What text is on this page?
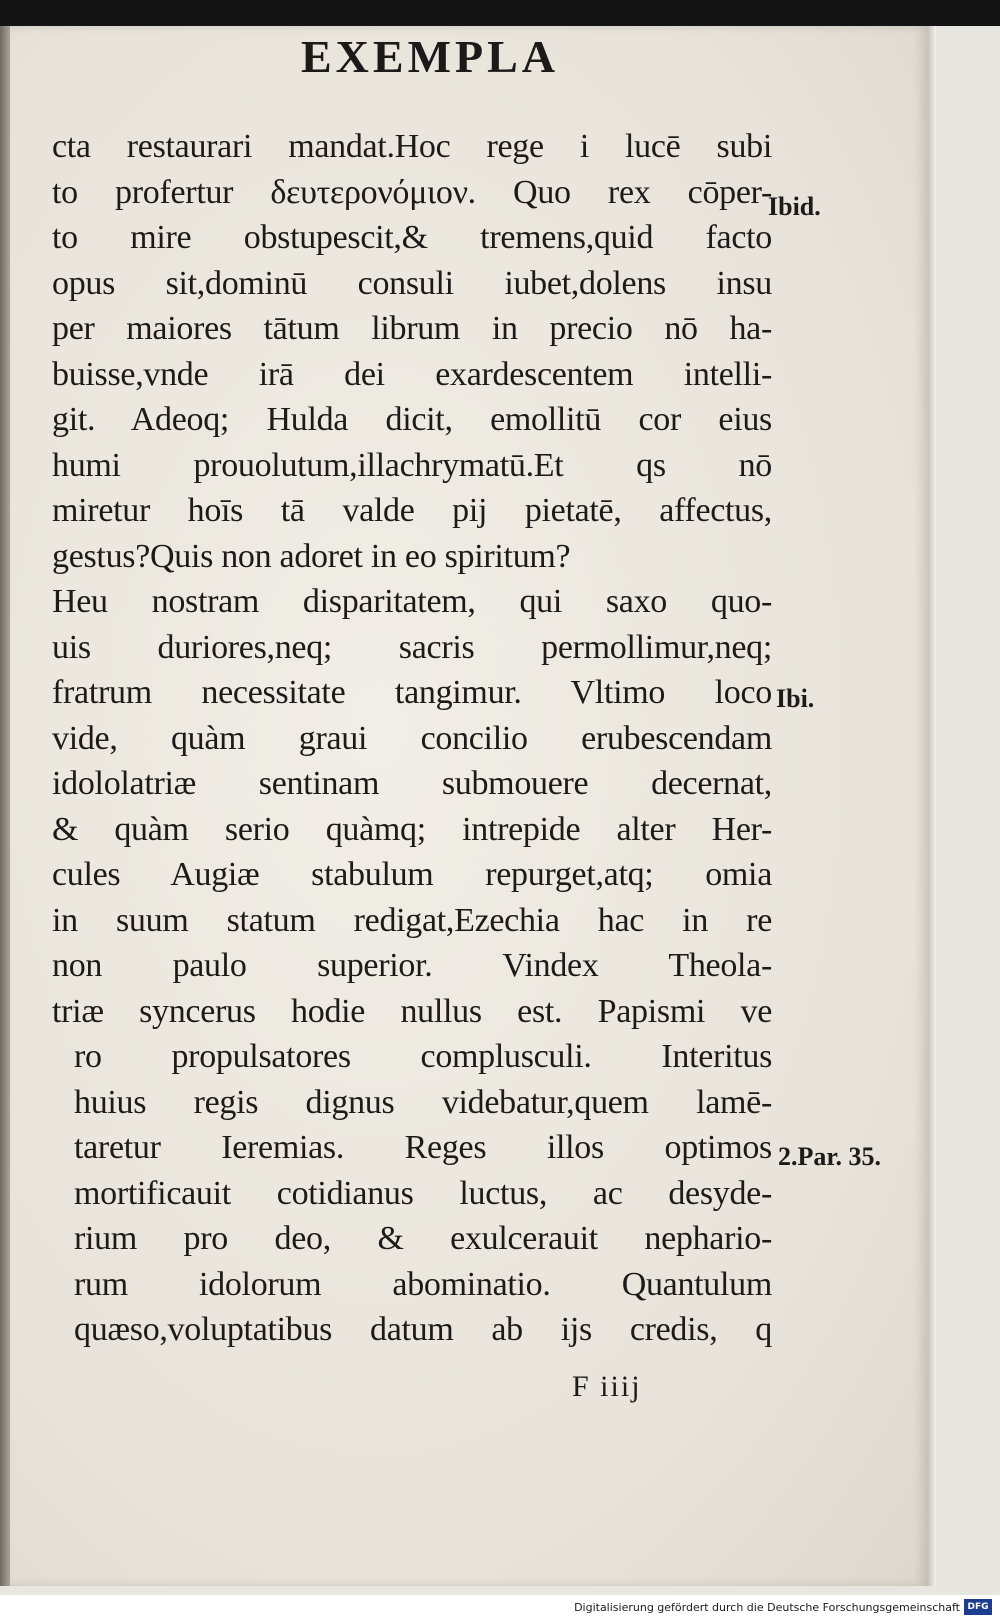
EXEMPLA
cta restaurari mandat.Hoc rege i lucē subi
to profertur δευτερονόμιον. Quo rex cōper-
to mire obstupescit,& tremens,quid facto
opus sit,dominū consuli iubet,dolens insu
per maiores tātum librum in precio nō ha-
buisse,vnde irā dei exardescentem intelli-
git. Adeoq; Hulda dicit, emollitū cor eius
humi prouolutum,illachrymatū.Et qs nō
miretur hoīs tā valde pij pietatē, affectus,
gestus?Quis non adoret in eo spiritum?
Heu nostram disparitatem, qui saxo quo-
uis duriores,neq; sacris permollimur,neq;
fratrum necessitate tangimur. Vltimo loco
vide, quàm graui concilio erubescendam
idololatriæ sentinam submouere decernat,
& quàm serio quàmq; intrepide alter Her-
cules Augiæ stabulum repurget,atq; omia
in suum statum redigat,Ezechia hac in re
non paulo superior. Vindex Theola-
triæ syncerus hodie nullus est. Papismi ve
ro propulsatores complusculi. Interitus
huius regis dignus videbatur,quem lamē-
taretur Ieremias. Reges illos optimos
mortificauit cotidianus luctus, ac desyde-
rium pro deo, & exulcerauit nephario-
rum idolorum abominatio. Quantulum
quæso,voluptatibus datum ab ijs credis, q
Ibid.
Ibi.
2.Par. 35.
F iiij
Digitalisierung gefördert durch die Deutsche Forschungsgemeinschaft DFG
